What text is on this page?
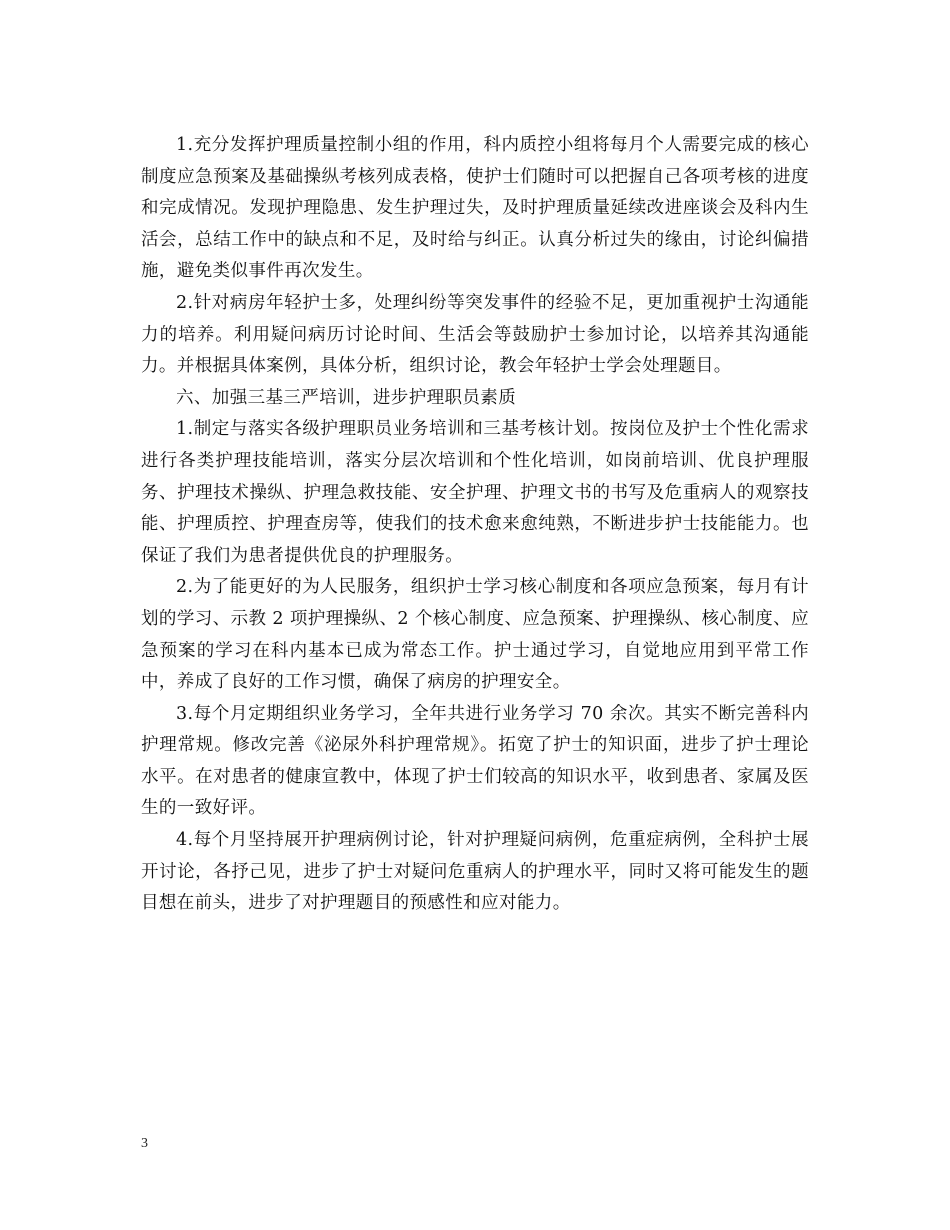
1.充分发挥护理质量控制小组的作用，科内质控小组将每月个人需要完成的核心制度应急预案及基础操纵考核列成表格，使护士们随时可以把握自己各项考核的进度和完成情况。发现护理隐患、发生护理过失，及时护理质量延续改进座谈会及科内生活会，总结工作中的缺点和不足，及时给与纠正。认真分析过失的缘由，讨论纠偏措施，避免类似事件再次发生。

2.针对病房年轻护士多，处理纠纷等突发事件的经验不足，更加重视护士沟通能力的培养。利用疑问病历讨论时间、生活会等鼓励护士参加讨论，以培养其沟通能力。并根据具体案例，具体分析，组织讨论，教会年轻护士学会处理题目。

六、加强三基三严培训，进步护理职员素质

1.制定与落实各级护理职员业务培训和三基考核计划。按岗位及护士个性化需求进行各类护理技能培训，落实分层次培训和个性化培训，如岗前培训、优良护理服务、护理技术操纵、护理急救技能、安全护理、护理文书的书写及危重病人的观察技能、护理质控、护理查房等，使我们的技术愈来愈纯熟，不断进步护士技能能力。也保证了我们为患者提供优良的护理服务。

2.为了能更好的为人民服务，组织护士学习核心制度和各项应急预案，每月有计划的学习、示教 2 项护理操纵、2 个核心制度、应急预案、护理操纵、核心制度、应急预案的学习在科内基本已成为常态工作。护士通过学习，自觉地应用到平常工作中，养成了良好的工作习惯，确保了病房的护理安全。

3.每个月定期组织业务学习，全年共进行业务学习 70 余次。其实不断完善科内护理常规。修改完善《泌尿外科护理常规》。拓宽了护士的知识面，进步了护士理论水平。在对患者的健康宣教中，体现了护士们较高的知识水平，收到患者、家属及医生的一致好评。

4.每个月坚持展开护理病例讨论，针对护理疑问病例，危重症病例，全科护士展开讨论，各抒己见，进步了护士对疑问危重病人的护理水平，同时又将可能发生的题目想在前头，进步了对护理题目的预感性和应对能力。

3
